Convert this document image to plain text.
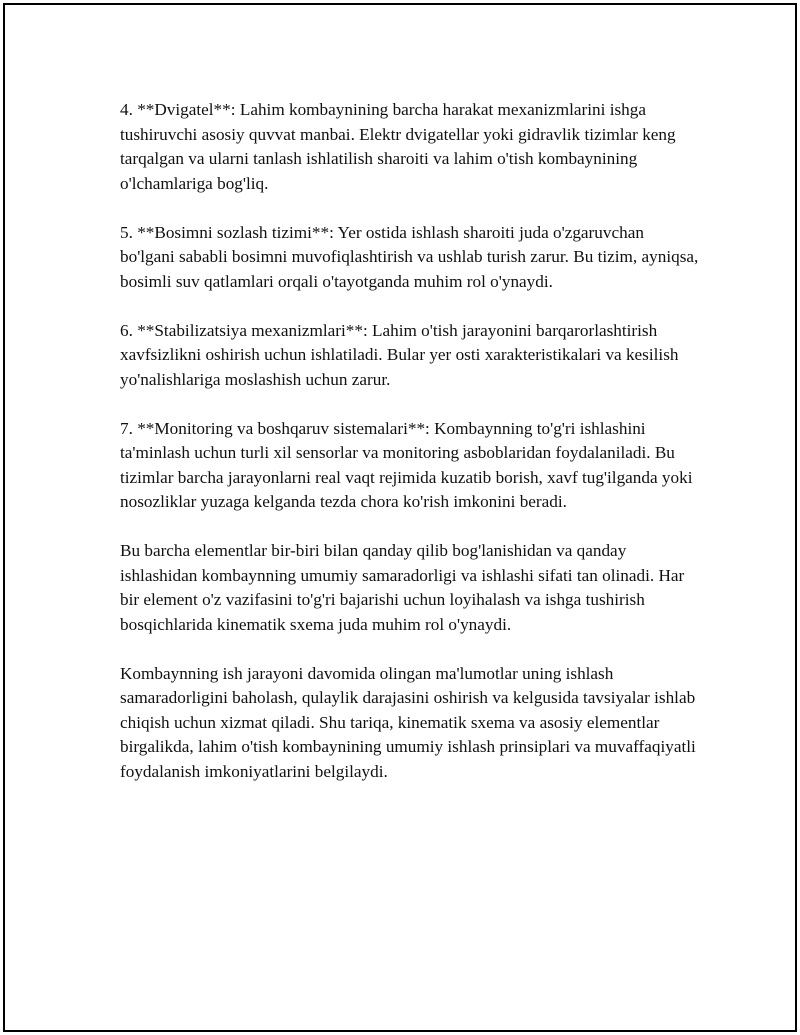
4. **Dvigatel**: Lahim kombaynining barcha harakat mexanizmlarini ishga tushiruvchi asosiy quvvat manbai. Elektr dvigatellar yoki gidravlik tizimlar keng tarqalgan va ularni tanlash ishlatilish sharoiti va lahim o'tish kombaynining o'lchamlariga bog'liq.

5. **Bosimni sozlash tizimi**: Yer ostida ishlash sharoiti juda o'zgaruvchan bo'lgani sababli bosimni muvofiqlashtirish va ushlab turish zarur. Bu tizim, ayniqsa, bosimli suv qatlamlari orqali o'tayotganda muhim rol o'ynaydi.

6. **Stabilizatsiya mexanizmlari**: Lahim o'tish jarayonini barqarorlashtirish xavfsizlikni oshirish uchun ishlatiladi. Bular yer osti xarakteristikalari va kesilish yo'nalishlariga moslashish uchun zarur.

7. **Monitoring va boshqaruv sistemalari**: Kombaynning to'g'ri ishlashini ta'minlash uchun turli xil sensorlar va monitoring asboblaridan foydalaniladi. Bu tizimlar barcha jarayonlarni real vaqt rejimida kuzatib borish, xavf tug'ilganda yoki nosozliklar yuzaga kelganda tezda chora ko'rish imkonini beradi.

Bu barcha elementlar bir-biri bilan qanday qilib bog'lanishidan va qanday ishlashidan kombaynning umumiy samaradorligi va ishlashi sifati tan olinadi. Har bir element o'z vazifasini to'g'ri bajarishi uchun loyihalash va ishga tushirish bosqichlarida kinematik sxema juda muhim rol o'ynaydi.

Kombaynning ish jarayoni davomida olingan ma'lumotlar uning ishlash samaradorligini baholash, qulaylik darajasini oshirish va kelgusida tavsiyalar ishlab chiqish uchun xizmat qiladi. Shu tariqa, kinematik sxema va asosiy elementlar birgalikda, lahim o'tish kombaynining umumiy ishlash prinsiplari va muvaffaqiyatli foydalanish imkoniyatlarini belgilaydi.
